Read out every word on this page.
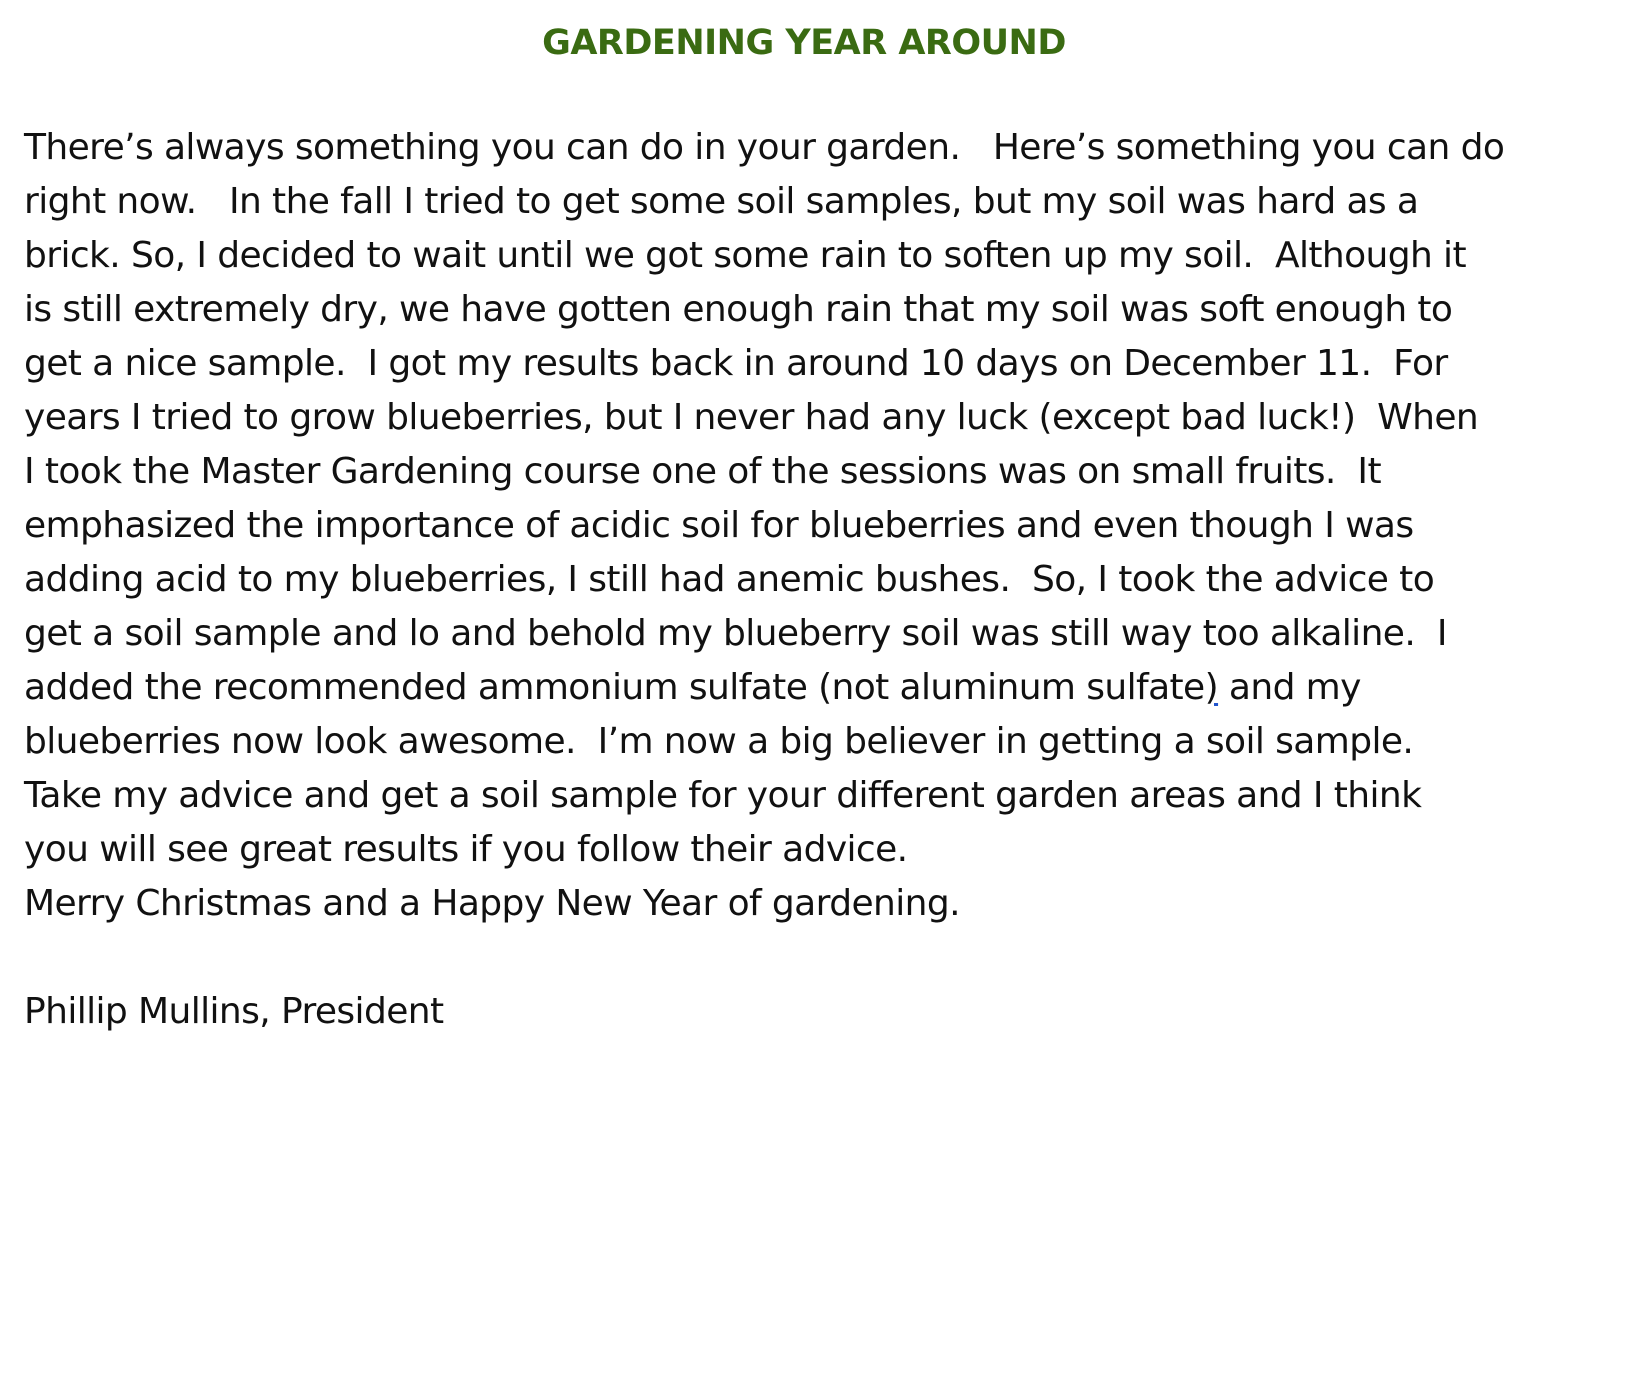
GARDENING YEAR AROUND
There’s always something you can do in your garden.   Here’s something you can do
right now.   In the fall I tried to get some soil samples, but my soil was hard as a
brick. So, I decided to wait until we got some rain to soften up my soil.  Although it
is still extremely dry, we have gotten enough rain that my soil was soft enough to
get a nice sample.  I got my results back in around 10 days on December 11.  For
years I tried to grow blueberries, but I never had any luck (except bad luck!)  When
I took the Master Gardening course one of the sessions was on small fruits.  It
emphasized the importance of acidic soil for blueberries and even though I was
adding acid to my blueberries, I still had anemic bushes.  So, I took the advice to
get a soil sample and lo and behold my blueberry soil was still way too alkaline.  I
added the recommended ammonium sulfate (not aluminum sulfate) and my
blueberries now look awesome.  I’m now a big believer in getting a soil sample.
Take my advice and get a soil sample for your different garden areas and I think
you will see great results if you follow their advice.
Merry Christmas and a Happy New Year of gardening.
Phillip Mullins, President
